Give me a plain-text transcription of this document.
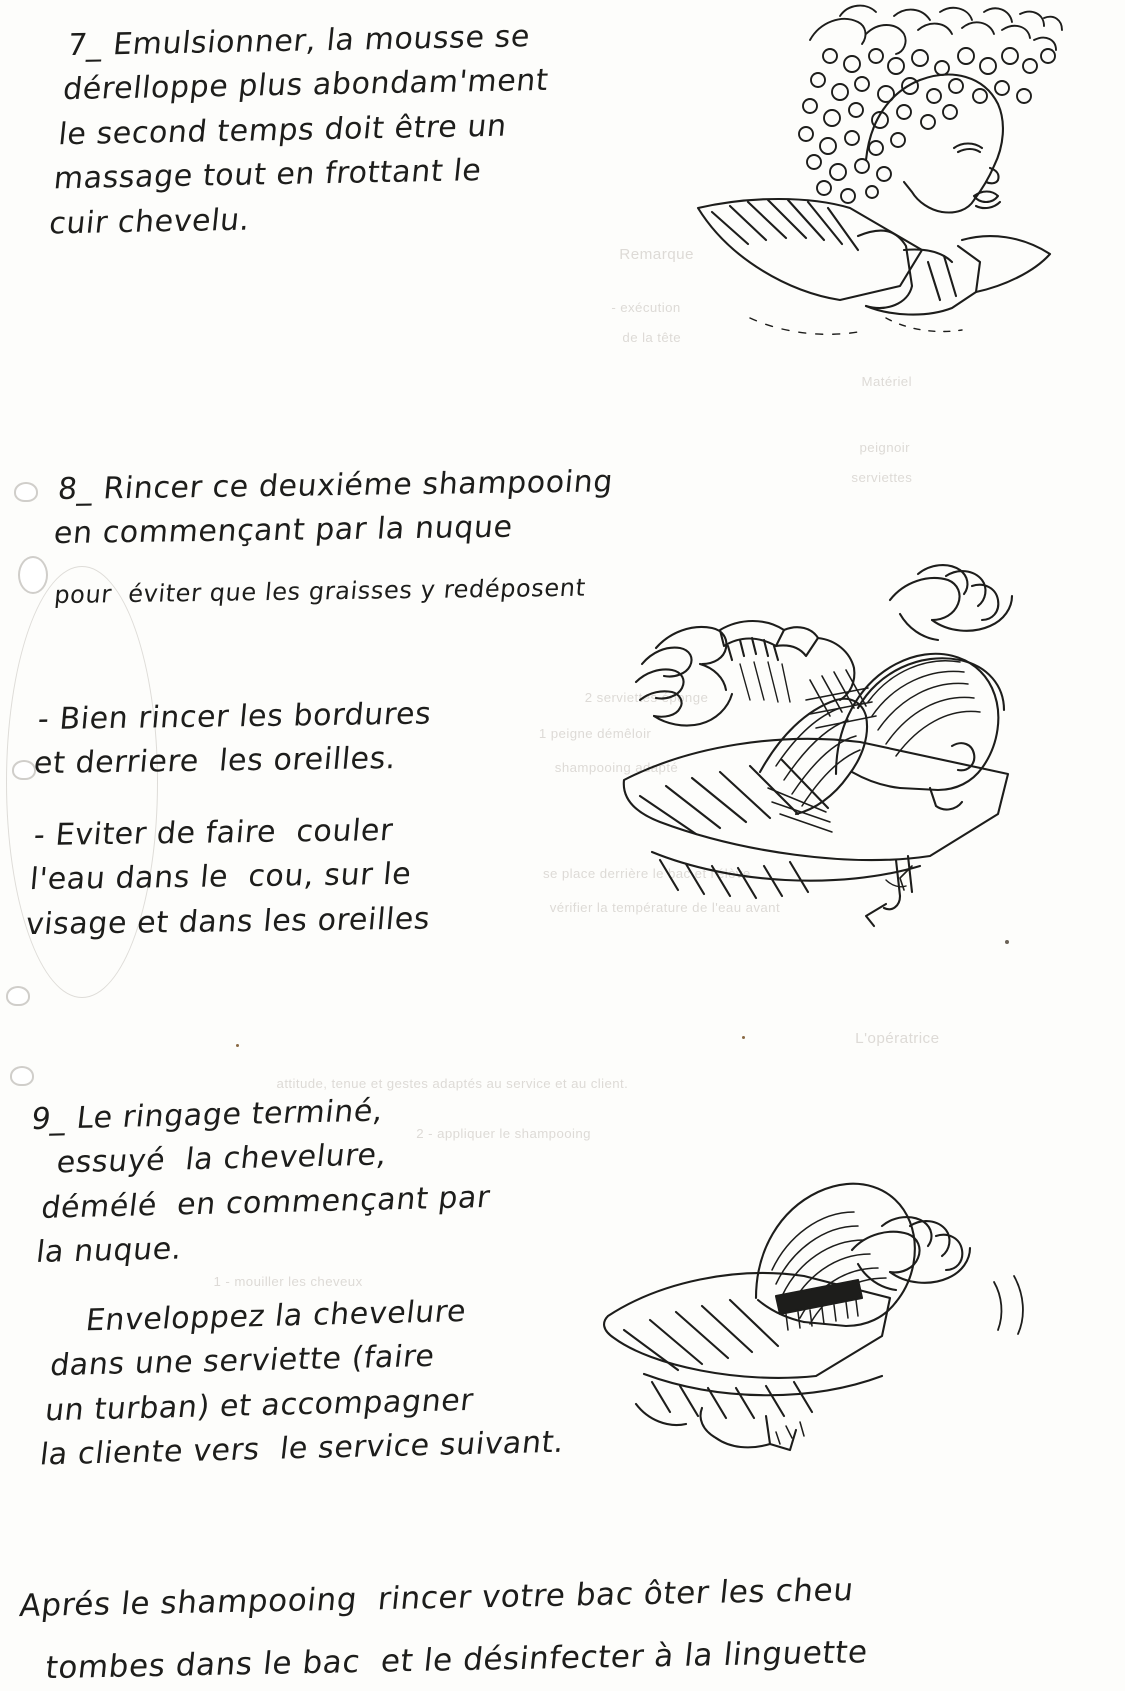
Remarque
- exécution
de la tête
Matériel
peignoir
serviettes
2 serviettes éponge
1 peigne démêloir
shampooing adapté
L'opératrice
se place derrière le bac et l'élève
vérifier la température de l'eau avant
1 - mouiller les cheveux
2 - appliquer le shampooing
attitude, tenue et gestes adaptés au service et au client.
7_ Emulsionner, la mousse se
dérelloppe plus abondam'ment
le second temps doit être un
massage tout en frottant le
cuir chevelu.
8_ Rincer ce deuxiéme shampooing
en commençant par la nuque
pour  éviter que les graisses y redéposent
- Bien rincer les bordures
et derriere  les oreilles.
- Eviter de faire  couler
l'eau dans le  cou, sur le
visage et dans les oreilles
9_ Le ringage terminé,
essuyé  la chevelure,
démélé  en commençant par
la nuque.
Enveloppez la chevelure
dans une serviette (faire
un turban) et accompagner
la cliente vers  le service suivant.
Aprés le shampooing  rincer votre bac ôter les cheu
tombes dans le bac  et le désinfecter à la linguette
